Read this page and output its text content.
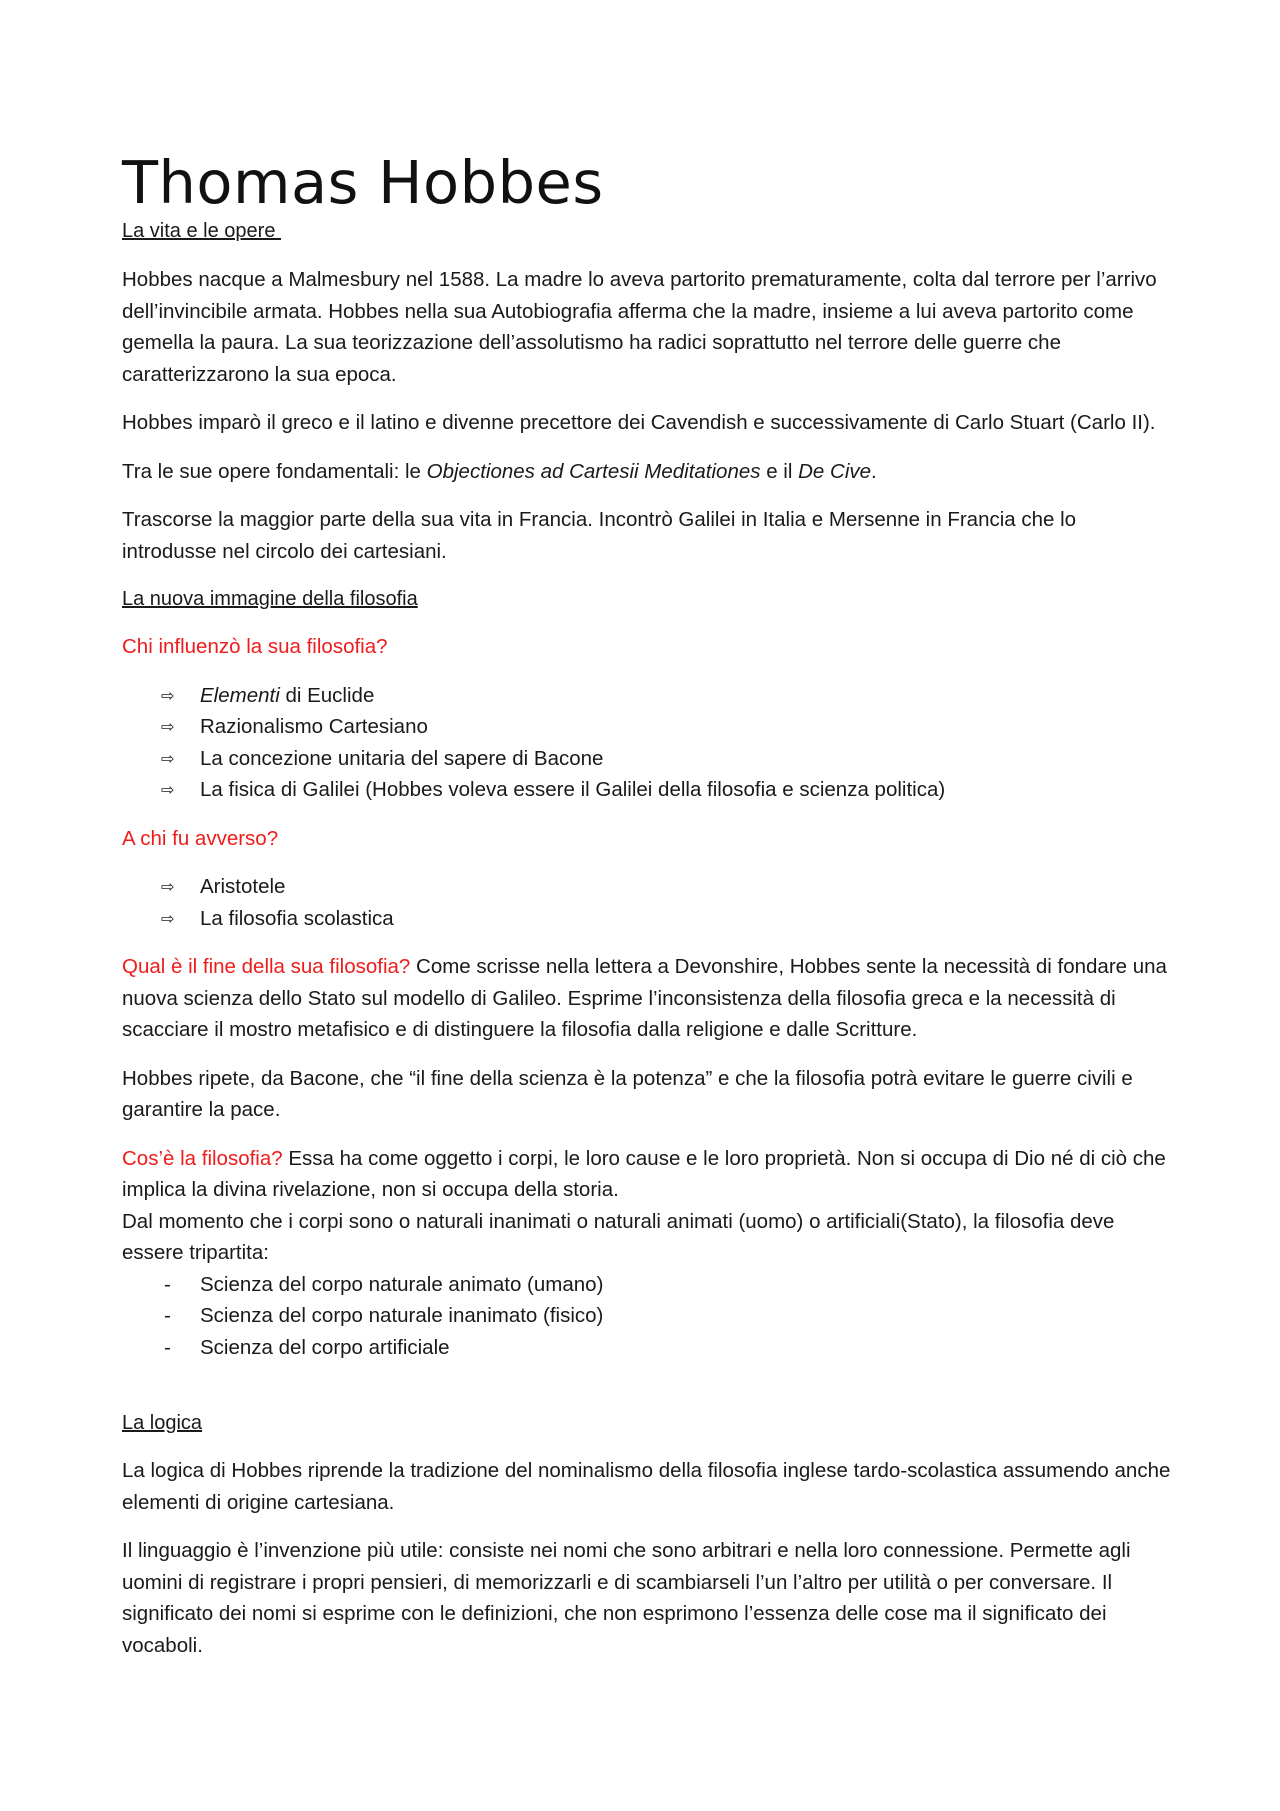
Thomas Hobbes
La vita e le opere

Hobbes nacque a Malmesbury nel 1588. La madre lo aveva partorito prematuramente, colta dal terrore per l’arrivo dell’invincibile armata. Hobbes nella sua Autobiografia afferma che la madre, insieme a lui aveva partorito come gemella la paura. La sua teorizzazione dell’assolutismo ha radici soprattutto nel terrore delle guerre che caratterizzarono la sua epoca.

Hobbes imparò il greco e il latino e divenne precettore dei Cavendish e successivamente di Carlo Stuart (Carlo II).

Tra le sue opere fondamentali: le Objectiones ad Cartesii Meditationes e il De Cive.

Trascorse la maggior parte della sua vita in Francia. Incontrò Galilei in Italia e Mersenne in Francia che lo introdusse nel circolo dei cartesiani.

La nuova immagine della filosofia

Chi influenzò la sua filosofia?

⇨ Elementi di Euclide
⇨ Razionalismo Cartesiano
⇨ La concezione unitaria del sapere di Bacone
⇨ La fisica di Galilei (Hobbes voleva essere il Galilei della filosofia e scienza politica)

A chi fu avverso?

⇨ Aristotele
⇨ La filosofia scolastica

Qual è il fine della sua filosofia? Come scrisse nella lettera a Devonshire, Hobbes sente la necessità di fondare una nuova scienza dello Stato sul modello di Galileo. Esprime l’inconsistenza della filosofia greca e la necessità di scacciare il mostro metafisico e di distinguere la filosofia dalla religione e dalle Scritture.

Hobbes ripete, da Bacone, che “il fine della scienza è la potenza” e che la filosofia potrà evitare le guerre civili e garantire la pace.

Cos’è la filosofia? Essa ha come oggetto i corpi, le loro cause e le loro proprietà. Non si occupa di Dio né di ciò che implica la divina rivelazione, non si occupa della storia.

Dal momento che i corpi sono o naturali inanimati o naturali animati (uomo) o artificiali(Stato), la filosofia deve essere tripartita:

- Scienza del corpo naturale animato (umano)
- Scienza del corpo naturale inanimato (fisico)
- Scienza del corpo artificiale
La logica

La logica di Hobbes riprende la tradizione del nominalismo della filosofia inglese tardo-scolastica assumendo anche elementi di origine cartesiana.

Il linguaggio è l’invenzione più utile: consiste nei nomi che sono arbitrari e nella loro connessione. Permette agli uomini di registrare i propri pensieri, di memorizzarli e di scambiarseli l’un l’altro per utilità o per conversare. Il significato dei nomi si esprime con le definizioni, che non esprimono l’essenza delle cose ma il significato dei vocaboli.
